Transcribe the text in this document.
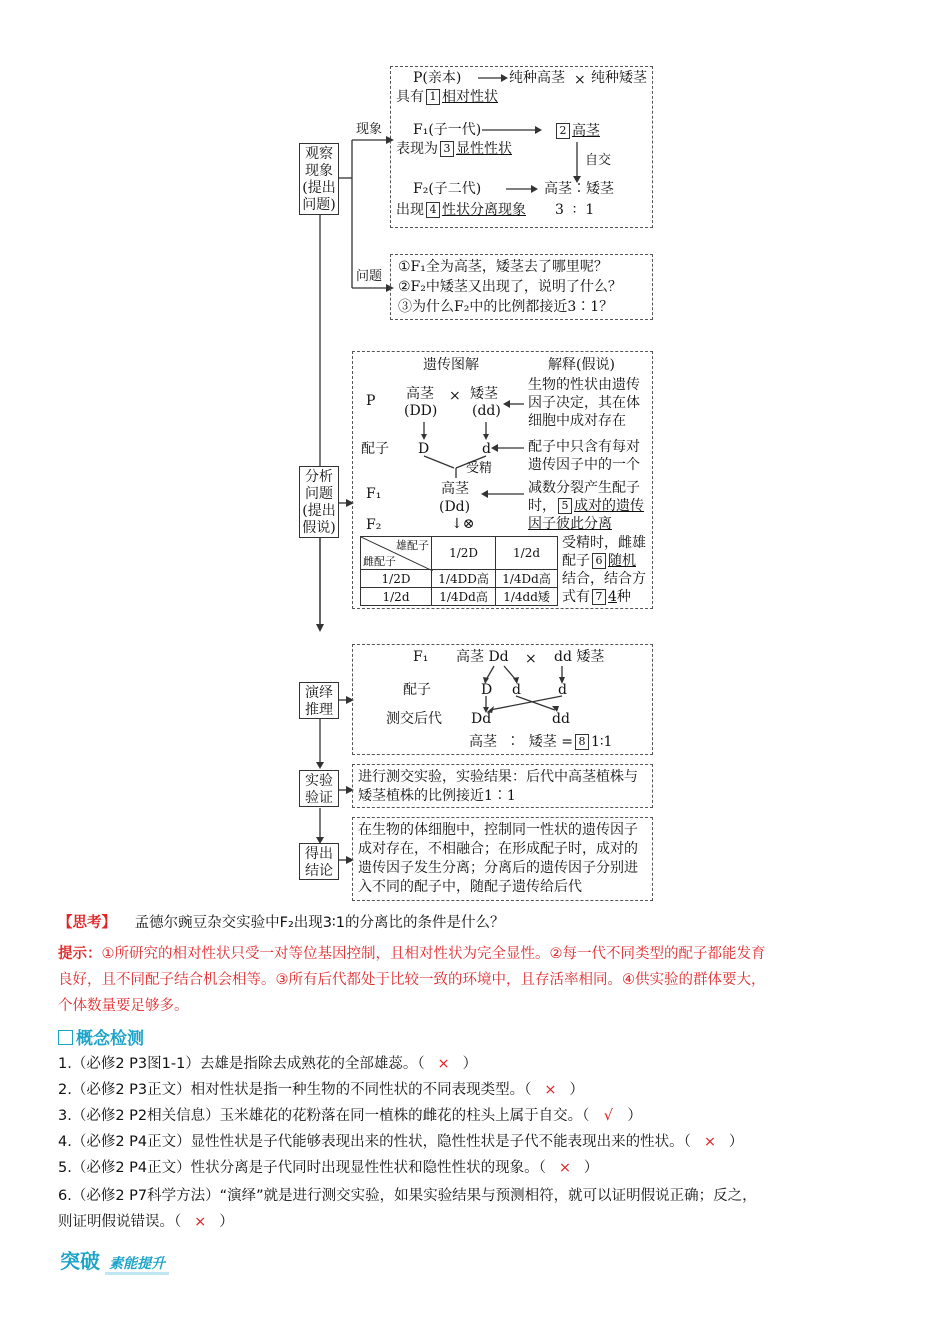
观察现象(提出问题)
分析问题(提出假说)
演绎推理
实验验证
得出结论
现象
问题
P(亲本)
具有 1 相对性状
纯种高茎 × 纯种矮茎
F₁(子一代)
表现为 3 显性性状
2 高茎
自交
F₂(子二代)
出现 4 性状分离现象
高茎∶矮茎
3  ∶  1
①F₁全为高茎，矮茎去了哪里呢？
②F₂中矮茎又出现了，说明了什么？
③为什么F₂中的比例都接近3∶1？
遗传图解	解释(假说)
P
配子
F₁
F₂
高茎
(DD)
× 矮茎
(dd)
D	d
受精
高茎
(Dd)
↓⊗
生物的性状由遗传
因子决定，其在体
细胞中成对存在
配子中只含有每对
遗传因子中的一个
减数分裂产生配子
时， 5 成对的遗传
因子彼此分离
受精时，雌雄
配子 6 随机
结合，结合方
式有 7 4种
雄配子
雌配子	1/2D	1/2d
1/2D	1/4DD高	1/4Dd高
1/2d	1/4Dd高	1/4dd矮
F₁ 高茎 Dd × dd 矮茎
配子	D d	d
测交后代 Dd	dd
高茎  ∶  矮茎 = 8 1∶1
进行测交实验，实验结果：后代中高茎植株与矮茎植株的比例接近1∶1
在生物的体细胞中，控制同一性状的遗传因子成对存在，不相融合；在形成配子时，成对的遗传因子发生分离；分离后的遗传因子分别进入不同的配子中，随配子遗传给后代
【思考】 孟德尔豌豆杂交实验中F₂出现3∶1的分离比的条件是什么？
提示：①所研究的相对性状只受一对等位基因控制，且相对性状为完全显性。②每一代不同类型的配子都能发育
良好，且不同配子结合机会相等。③所有后代都处于比较一致的环境中，且存活率相同。④供实验的群体要大，
个体数量要足够多。
概念检测
1.（必修2 P3图1-1）去雄是指除去成熟花的全部雄蕊。（ × ）
2.（必修2 P3正文）相对性状是指一种生物的不同性状的不同表现类型。（ × ）
3.（必修2 P2相关信息）玉米雄花的花粉落在同一植株的雌花的柱头上属于自交。（ √ ）
4.（必修2 P4正文）显性性状是子代能够表现出来的性状，隐性性状是子代不能表现出来的性状。（ × ）
5.（必修2 P4正文）性状分离是子代同时出现显性性状和隐性性状的现象。（ × ）
6.（必修2 P7科学方法）“演绎”就是进行测交实验，如果实验结果与预测相符，就可以证明假说正确；反之，
则证明假说错误。（ × ）
突破 素能提升
